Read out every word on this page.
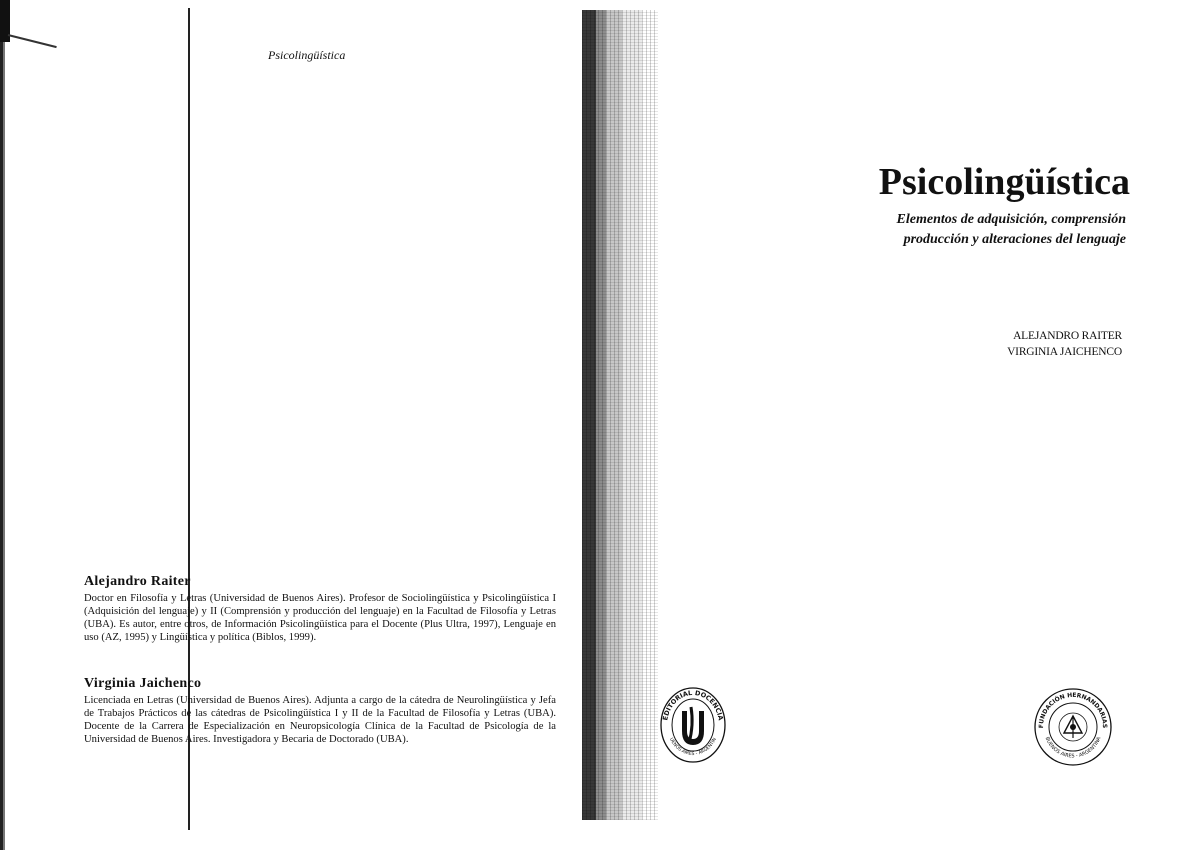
Psicolingüística
Alejandro Raiter
Doctor en Filosofía y Letras (Universidad de Buenos Aires). Profesor de Sociolingüística y Psicolingüística I (Adquisición del lenguaje) y II (Comprensión y producción del lenguaje) en la Facultad de Filosofía y Letras (UBA). Es autor, entre otros, de Información Psicolingüística para el Docente (Plus Ultra, 1997), Lenguaje en uso (AZ, 1995) y Lingüística y política (Biblos, 1999).
Virginia Jaichenco
Licenciada en Letras (Universidad de Buenos Aires). Adjunta a cargo de la cátedra de Neurolingüística y Jefa de Trabajos Prácticos de las cátedras de Psicolingüística I y II de la Facultad de Filosofía y Letras (UBA). Docente de la Carrera de Especialización en Neuropsicología Clínica de la Facultad de Psicología de la Universidad de Buenos Aires. Investigadora y Becaria de Doctorado (UBA).
Psicolingüística
Elementos de adquisición, comprensión
producción y alteraciones del lenguaje
ALEJANDRO RAITER
VIRGINIA JAICHENCO
EDITORIAL DOCENCIA
UENOS AIRES - ARGENTIN
FUNDACIÓN HERNANDARIAS
BUENOS AIRES - ARGENTINA
